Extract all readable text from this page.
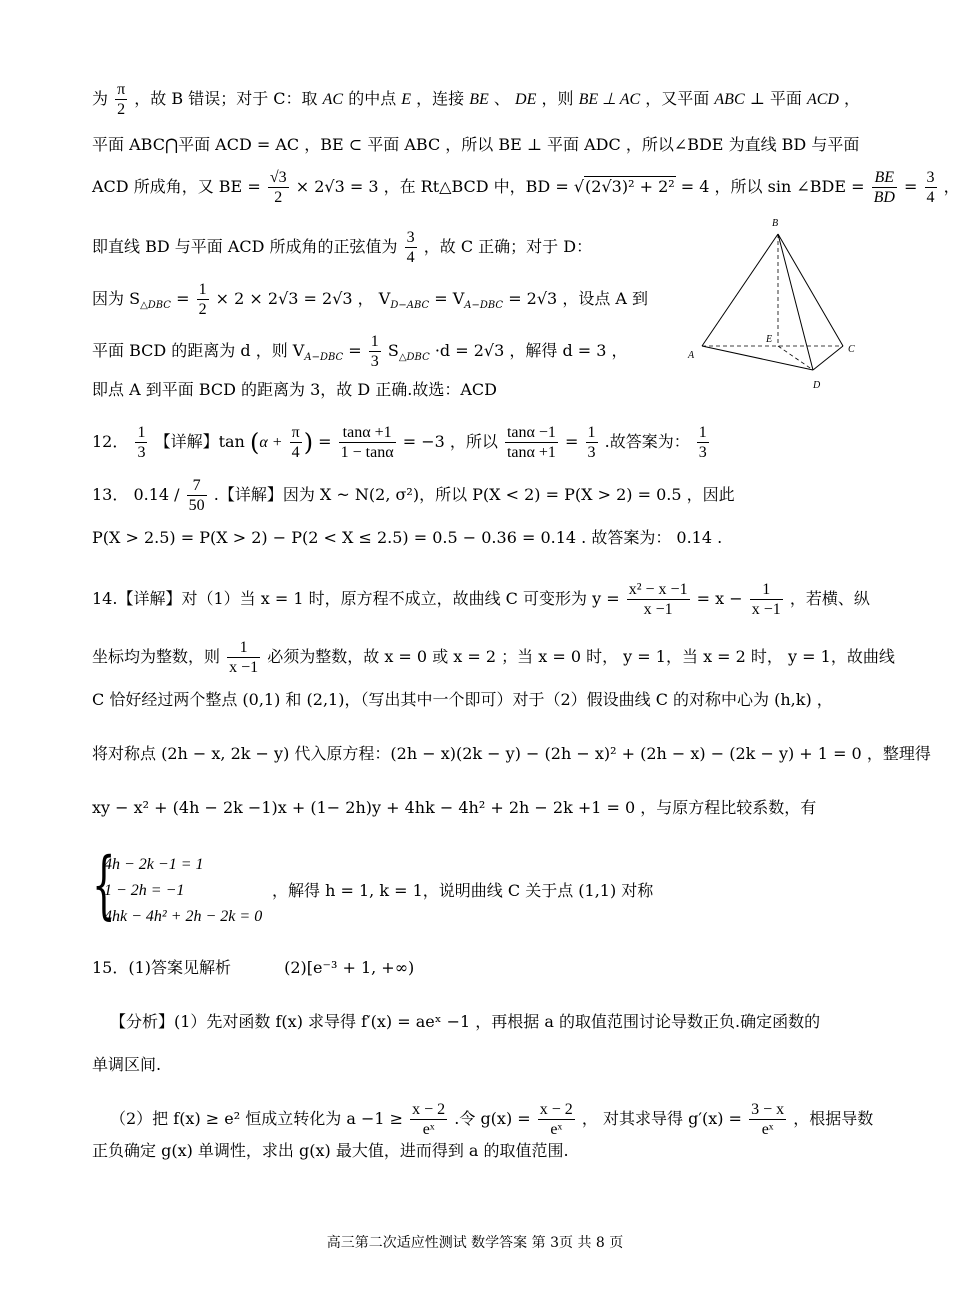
为 $\frac{\pi}{2}$ ，故 B 错误；对于 C：取 AC 的中点 E ，连接 BE 、 DE ，则 BE ⊥ AC ，又平面 ABC ⊥ 平面 ACD ，
平面 ABC⋂平面 ACD = AC ，BE ⊂ 平面 ABC ，所以 BE ⊥ 平面 ADC ，所以∠BDE 为直线 BD 与平面
ACD 所成角，又 BE = $\frac{√3}{2} \times 2√3 = 3$ ，在 Rt△BCD 中，BD = √(2√3)² + 2² = 4 ，所以 sin ∠BDE = $\frac{BE}{BD} = \frac{3}{4}$ ，
即直线 BD 与平面 ACD 所成角的正弦值为 $\frac{3}{4}$ ，故 C 正确；对于 D：
因为 $S_{\triangle DBC} = \frac{1}{2} \times 2 \times 2√3 = 2√3$ ， $V_{D-ABC} = V_{A-DBC} = 2√3$ ，设点 A 到
平面 BCD 的距离为 d ，则 $V_{A-DBC} = \frac{1}{3} S_{\triangle DBC} \cdot d = 2√3$ ，解得 d = 3 ，
即点 A 到平面 BCD 的距离为 3，故 D 正确.故选：ACD
B
A
E
C
D
12． $\frac{1}{3}$ 【详解】$\tan (\alpha + \frac{\pi}{4}$ ) = $\frac{\tan\alpha +1}{1 - \tan\alpha} = -3$ ，所以 $\frac{\tan\alpha -1}{\tan\alpha +1} = \frac{1}{3}$ .故答案为： $\frac{1}{3}$
13． $0.14 / \frac{7}{50}$ .【详解】因为 X ~ N(2, σ²)，所以 P(X < 2) = P(X > 2) = 0.5 ，因此
P(X > 2.5) = P(X > 2) − P(2 < X ≤ 2.5) = 0.5 − 0.36 = 0.14 . 故答案为： 0.14 .
14.【详解】对（1）当 x = 1 时，原方程不成立，故曲线 C 可变形为 $y = \frac{\text{x² − x −1}}{x -1} = x - \frac{1}{x -1}$ ，若横、纵
坐标均为整数，则 $\frac{1}{x -1}$ 必须为整数，故 x = 0 或 x = 2 ；当 x = 0 时， y = 1，当 x = 2 时， y = 1，故曲线
C 恰好经过两个整点 (0,1) 和 (2,1)，（写出其中一个即可）对于（2）假设曲线 C 的对称中心为 (h,k) ，
将对称点 (2h − x, 2k − y) 代入原方程：(2h − x)(2k − y) − (2h − x)² + (2h − x) − (2k − y) + 1 = 0 ，整理得
xy − x² + (4h − 2k −1)x + (1− 2h)y + 4hk − 4h² + 2h − 2k +1 = 0 ，与原方程比较系数，有
{
4h − 2k −1 = 1
1 − 2h = −1
4hk − 4h² + 2h − 2k = 0
，解得 h = 1, k = 1，说明曲线 C 关于点 (1,1) 对称
15．(1)答案见解析	(2)[e⁻³ + 1, +∞)
【分析】(1）先对函数 f(x) 求导得 f′(x) = aeˣ −1 ，再根据 a 的取值范围讨论导数正负.确定函数的
单调区间.
（2）把 f(x) ≥ e² 恒成立转化为 $a -1 \ge \frac{x - 2}{\text{eˣ}}$ .令 $g(x) = \frac{x - 2}{\text{eˣ}}$ ， 对其求导得 $g'(x) = \frac{3 - x}{\text{eˣ}}$ ，根据导数
正负确定 g(x) 单调性，求出 g(x) 最大值，进而得到 a 的取值范围.
高三第二次适应性测试 数学答案 第 3页 共 8 页
